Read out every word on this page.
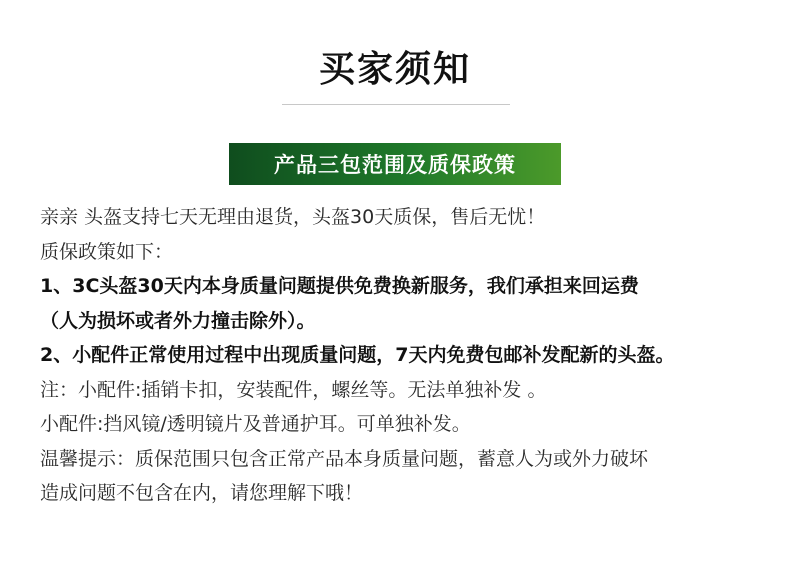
买家须知
产品三包范围及质保政策
亲亲 头盔支持七天无理由退货，头盔30天质保，售后无忧！
质保政策如下：
1、3C头盔30天内本身质量问题提供免费换新服务，我们承担来回运费
（人为损坏或者外力撞击除外）。
2、小配件正常使用过程中出现质量问题，7天内免费包邮补发配新的头盔。
注：小配件:插销卡扣，安装配件，螺丝等。无法单独补发 。
小配件:挡风镜/透明镜片及普通护耳。可单独补发。
温馨提示：质保范围只包含正常产品本身质量问题，蓄意人为或外力破坏
造成问题不包含在内，请您理解下哦！
